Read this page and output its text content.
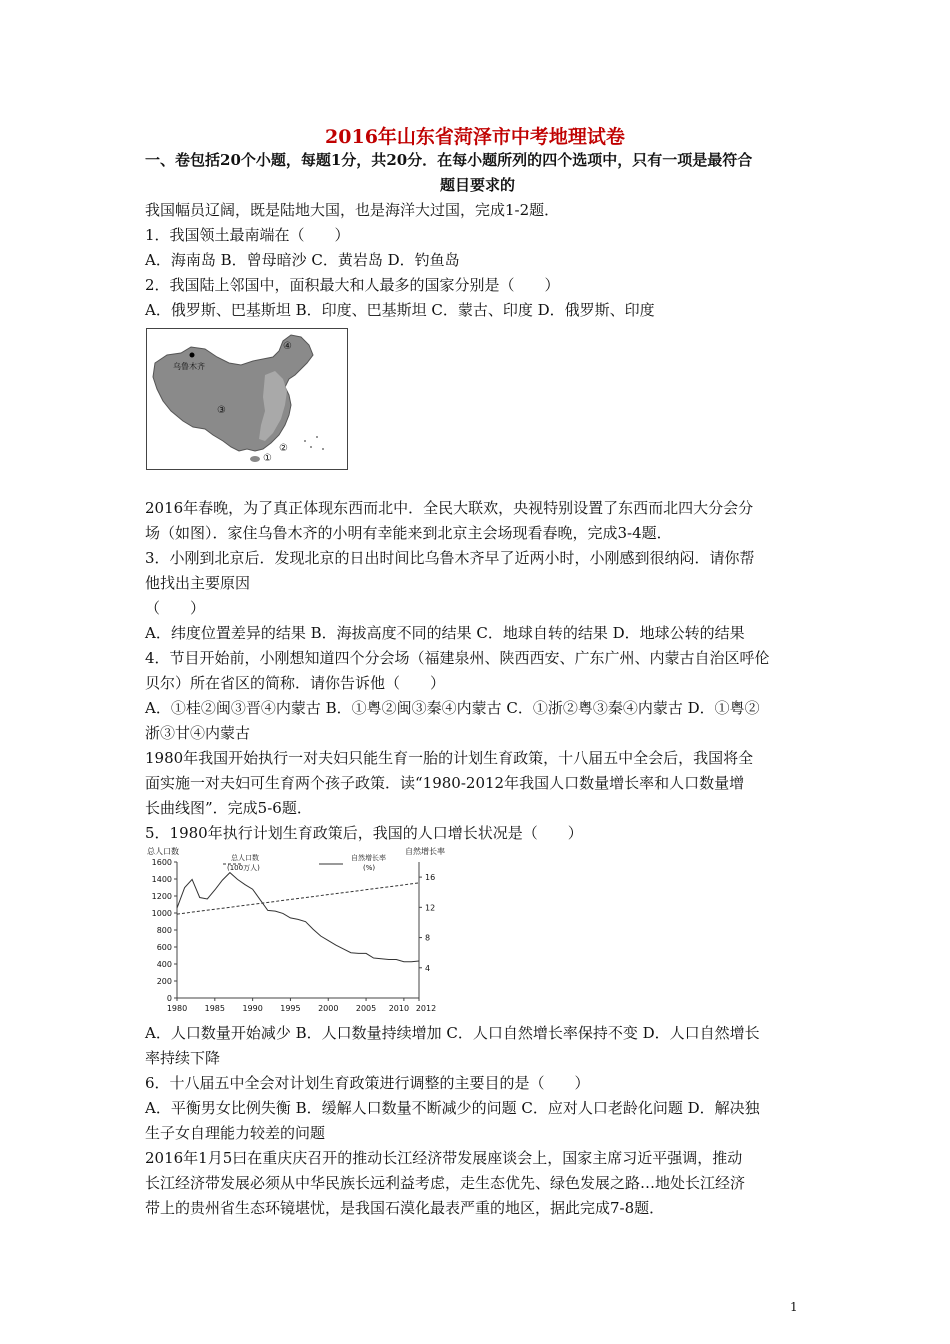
2016年山东省菏泽市中考地理试卷
一、卷包括20个小题，每题1分，共20分．在每小题所列的四个选项中，只有一项是最符合
题目要求的
我国幅员辽阔，既是陆地大国，也是海洋大过国，完成1-2题．
1．我国领土最南端在（　　）
A．海南岛 B．曾母暗沙 C．黄岩岛 D．钓鱼岛
2．我国陆上邻国中，面积最大和人最多的国家分别是（　　）
A．俄罗斯、巴基斯坦 B．印度、巴基斯坦 C．蒙古、印度 D．俄罗斯、印度
乌鲁木齐
④
③
②
①
2016年春晚，为了真正体现东西而北中．全民大联欢，央视特别设置了东西而北四大分会分
场（如图）．家住乌鲁木齐的小明有幸能来到北京主会场现看春晚，完成3-4题．
3．小刚到北京后．发现北京的日出时间比乌鲁木齐早了近两小时，小刚感到很纳闷．请你帮
他找出主要原因
（　　）
A．纬度位置差异的结果 B．海拔高度不同的结果 C．地球自转的结果 D．地球公转的结果
4．节目开始前，小刚想知道四个分会场（福建泉州、陕西西安、广东广州、内蒙古自治区呼伦
贝尔）所在省区的简称．请你告诉他（　　）
A．①桂②闽③晋④内蒙古 B．①粤②闽③秦④内蒙古 C．①浙②粤③秦④内蒙古 D．①粤②
浙③甘④内蒙古
1980年我国开始执行一对夫妇只能生育一胎的计划生育政策，十八届五中全会后，我国将全
面实施一对夫妇可生育两个孩子政策．读“1980-2012年我国人口数量增长率和人口数量增
长曲线图”．完成5-6题．
5．1980年执行计划生育政策后，我国的人口增长状况是（　　）
总人口数	自然增长率
总人口数
(100万人)
自然增长率
(%)
0
200
400
600
800
1000
1200
1400
1600
4
8
12
16
1980 1985 1990 1995 2000 2005 2010 2012
A．人口数量开始减少 B．人口数量持续增加 C．人口自然增长率保持不变 D．人口自然增长
率持续下降
6．十八届五中全会对计划生育政策进行调整的主要目的是（　　）
A．平衡男女比例失衡 B．缓解人口数量不断减少的问题 C．应对人口老龄化问题 D．解决独
生子女自理能力较差的问题
2016年1月5曰在重庆庆召开的推动长江经济带发展座谈会上，国家主席习近平强调，推动
长江经济带发展必须从中华民族长远利益考虑，走生态优先、绿色发展之路…地处长江经济
带上的贵州省生态环镜堪忧，是我国石漠化最表严重的地区，据此完成7-8题．
1
